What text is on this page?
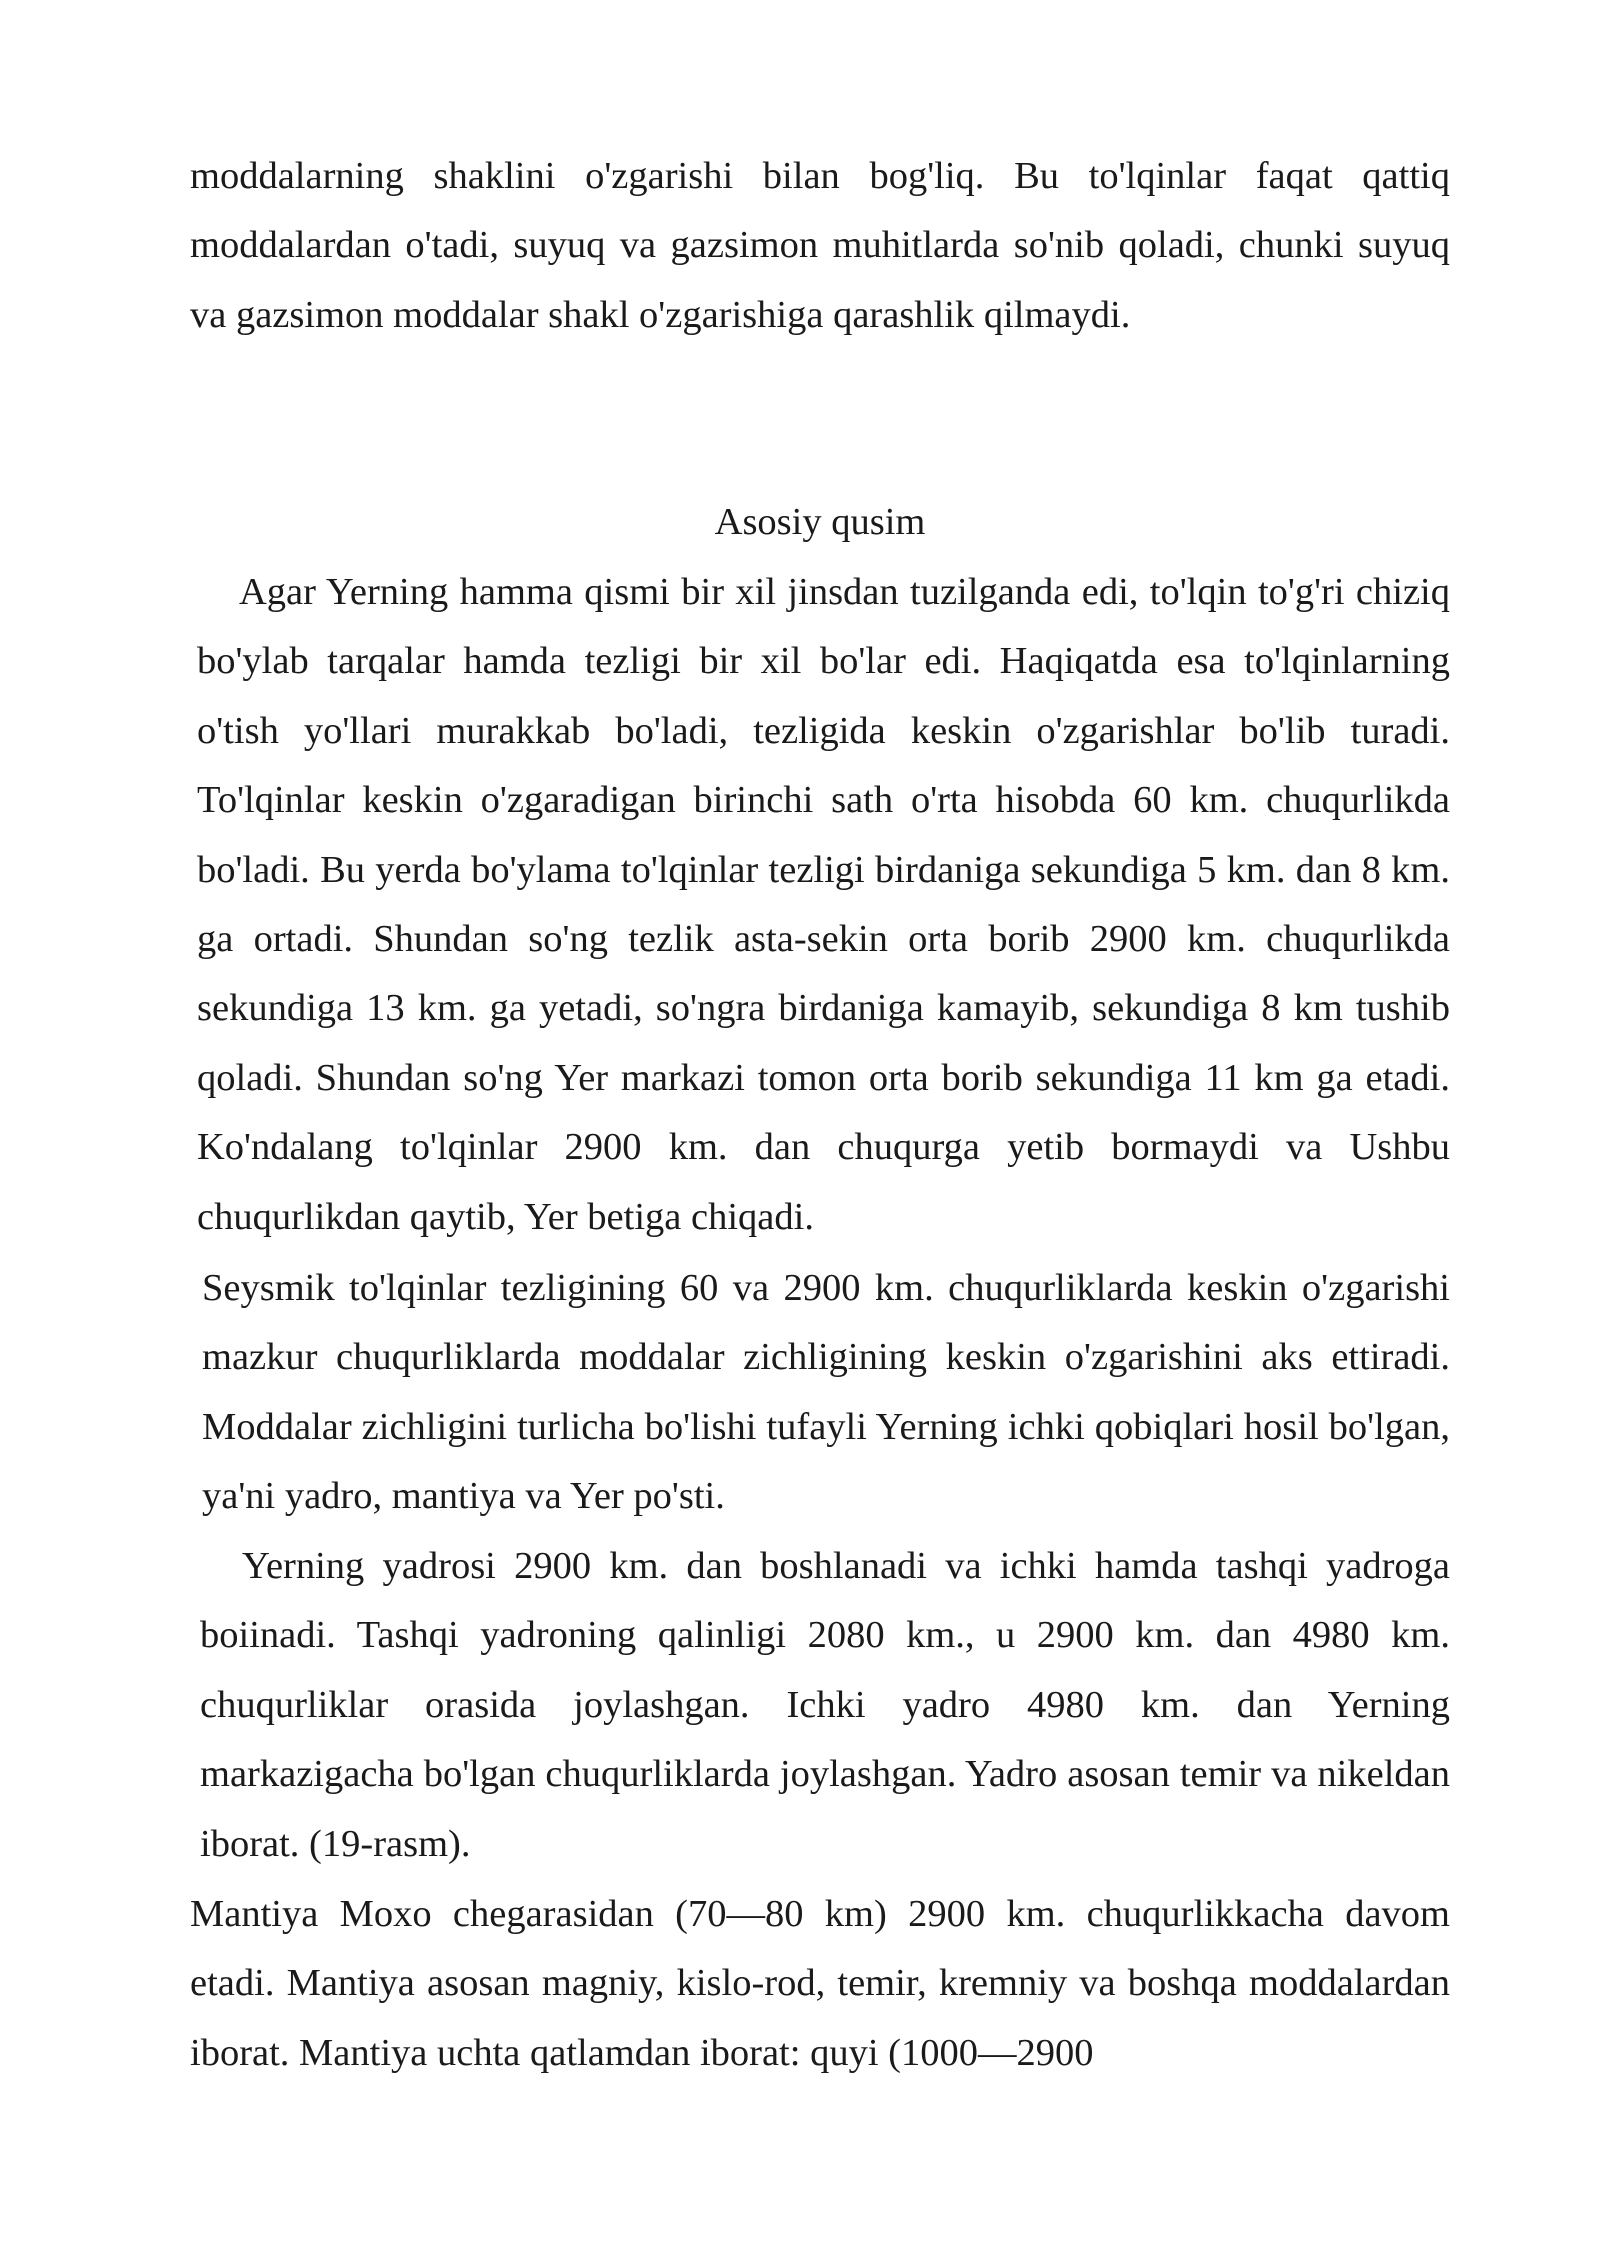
moddalarning shaklini o'zgarishi bilan bog'liq. Bu to'lqinlar faqat qattiq moddalardan o'tadi, suyuq va gazsimon muhitlarda so'nib qoladi, chunki suyuq va gazsimon moddalar shakl o'zgarishiga qarashlik qilmaydi.

Asosiy qusim

Agar Yerning hamma qismi bir xil jinsdan tuzilganda edi, to'lqin to'g'ri chiziq bo'ylab tarqalar hamda tezligi bir xil bo'lar edi. Haqiqatda esa to'lqinlarning o'tish yo'llari murakkab bo'ladi, tezligida keskin o'zgarishlar bo'lib turadi. To'lqinlar keskin o'zgaradigan birinchi sath o'rta hisobda 60 km. chuqurlikda bo'ladi. Bu yerda bo'ylama to'lqinlar tezligi birdaniga sekundiga 5 km. dan 8 km. ga ortadi. Shundan so'ng tezlik asta-sekin orta borib 2900 km. chuqurlikda sekundiga 13 km. ga yetadi, so'ngra birdaniga kamayib, sekundiga 8 km tushib qoladi. Shundan so'ng Yer markazi tomon orta borib sekundiga 11 km ga etadi. Ko'ndalang to'lqinlar 2900 km. dan chuqurga yetib bormaydi va Ushbu chuqurlikdan qaytib, Yer betiga chiqadi.

Seysmik to'lqinlar tezligining 60 va 2900 km. chuqurliklarda keskin o'zgarishi mazkur chuqurliklarda moddalar zichligining keskin o'zgarishini aks ettiradi. Moddalar zichligini turlicha bo'lishi tufayli Yerning ichki qobiqlari hosil bo'lgan, ya'ni yadro, mantiya va Yer po'sti.

Yerning yadrosi 2900 km. dan boshlanadi va ichki hamda tashqi yadroga boiinadi. Tashqi yadroning qalinligi 2080 km., u 2900 km. dan 4980 km. chuqurliklar orasida joylashgan. Ichki yadro 4980 km. dan Yerning markazigacha bo'lgan chuqurliklarda joylashgan. Yadro asosan temir va nikeldan iborat. (19-rasm).

Mantiya Moxo chegarasidan (70—80 km) 2900 km. chuqurlikkacha davom etadi. Mantiya asosan magniy, kislo-rod, temir, kremniy va boshqa moddalardan iborat. Mantiya uchta qatlamdan iborat: quyi (1000—2900
